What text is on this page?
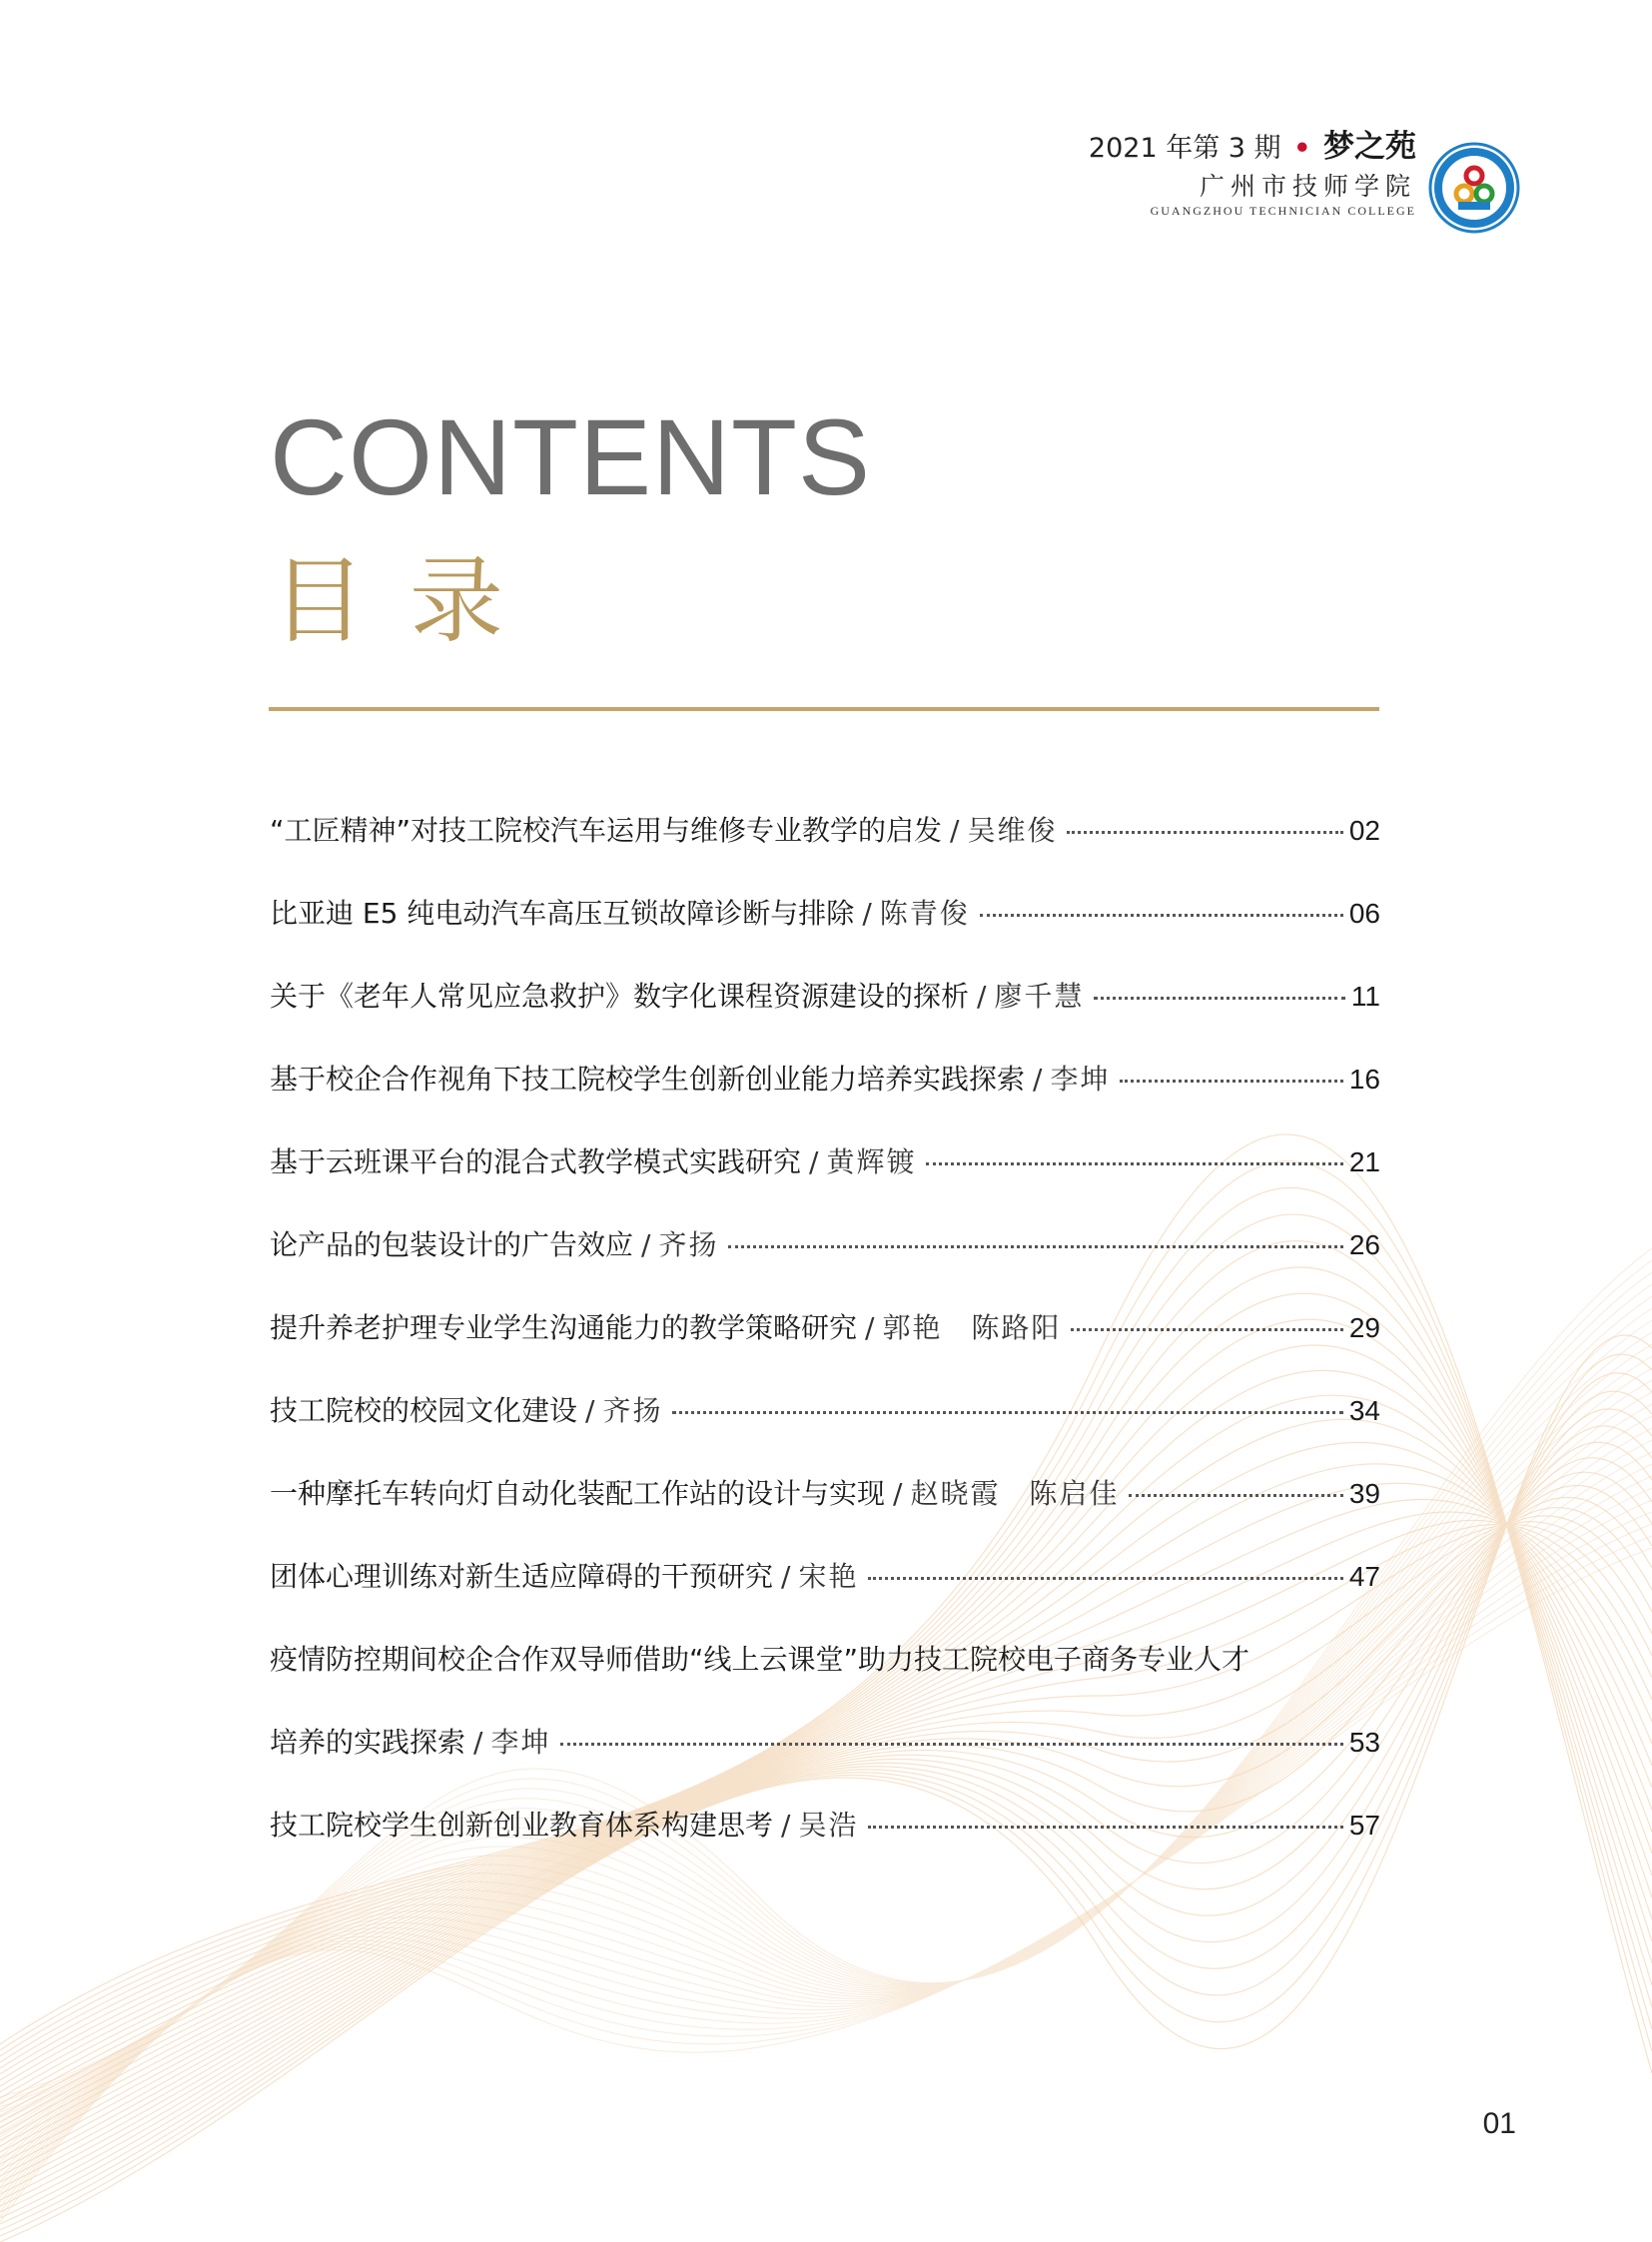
2021 年第 3 期 • 梦之苑
广州市技师学院
GUANGZHOU TECHNICIAN COLLEGE
CONTENTS
目录
“工匠精神”对技工院校汽车运用与维修专业教学的启发 / 吴维俊	02
比亚迪 E5 纯电动汽车高压互锁故障诊断与排除 / 陈青俊	06
关于《老年人常见应急救护》数字化课程资源建设的探析 / 廖千慧	11
基于校企合作视角下技工院校学生创新创业能力培养实践探索 / 李坤	16
基于云班课平台的混合式教学模式实践研究 / 黄辉镀	21
论产品的包装设计的广告效应 / 齐扬	26
提升养老护理专业学生沟通能力的教学策略研究 / 郭艳 陈路阳	29
技工院校的校园文化建设 / 齐扬	34
一种摩托车转向灯自动化装配工作站的设计与实现 / 赵晓霞 陈启佳	39
团体心理训练对新生适应障碍的干预研究 / 宋艳	47
疫情防控期间校企合作双导师借助“线上云课堂”助力技工院校电子商务专业人才
培养的实践探索 / 李坤	53
技工院校学生创新创业教育体系构建思考 / 吴浩	57
01
